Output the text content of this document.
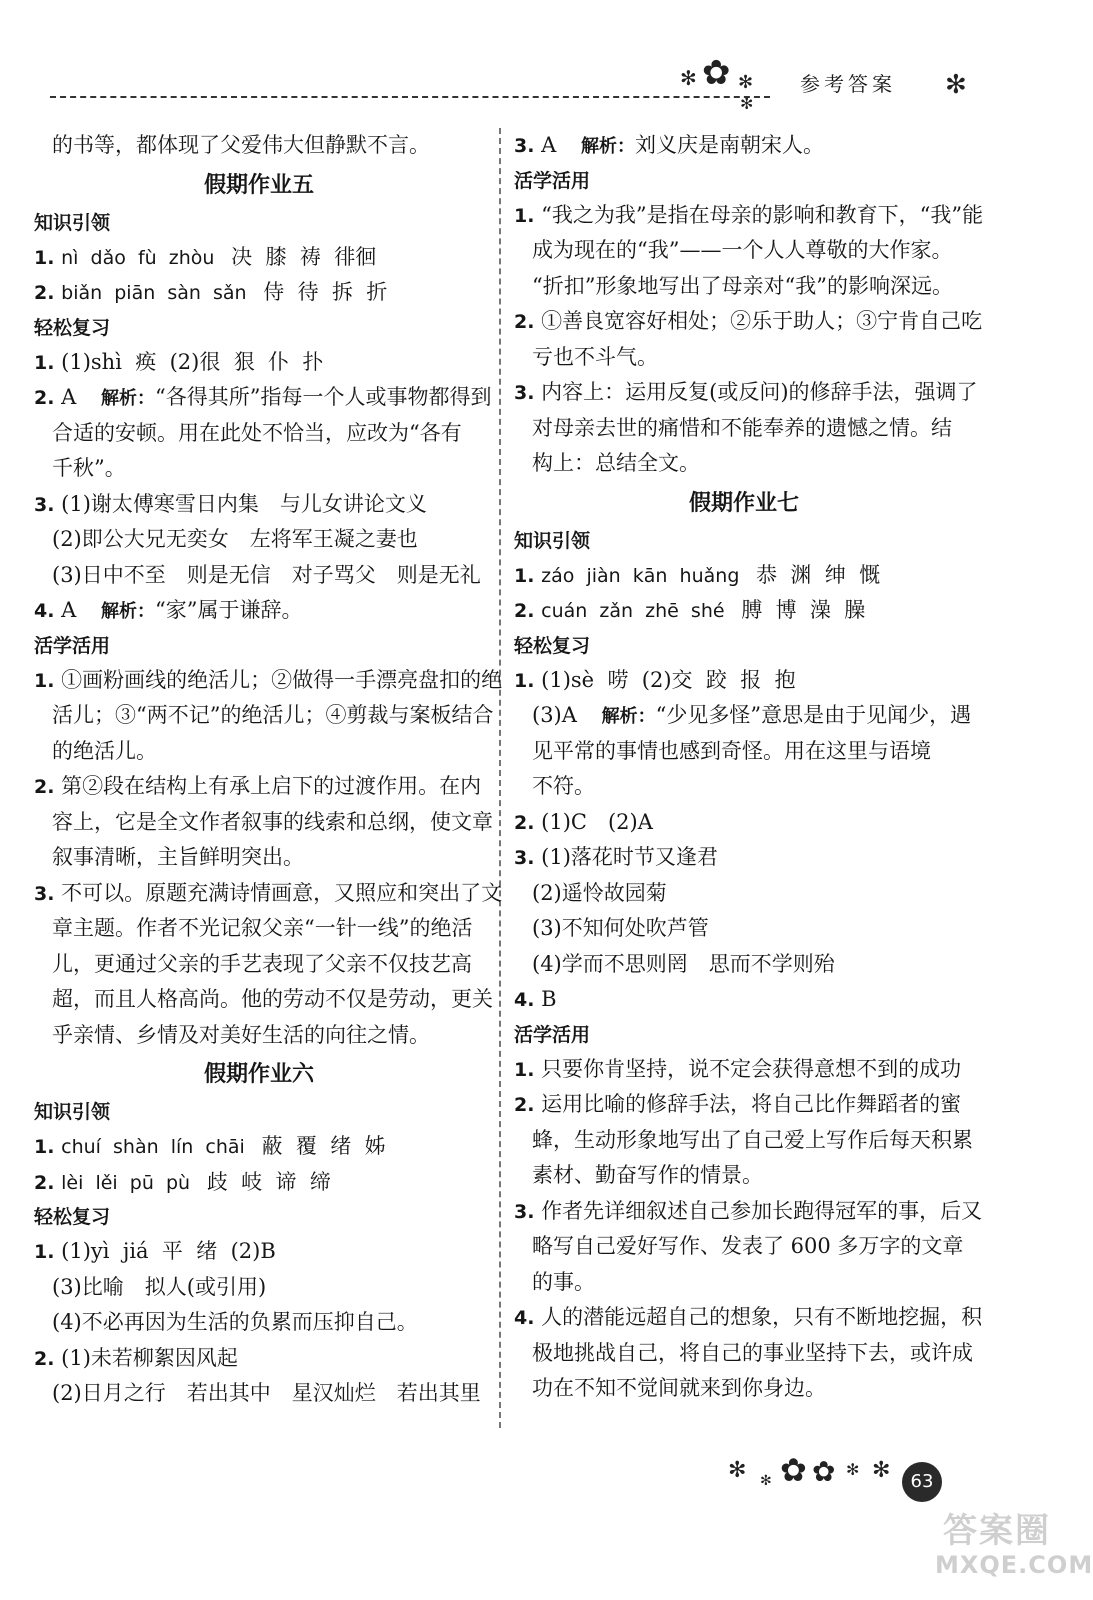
✻ ✿ ✻
✻
参考答案 ✻
的书等，都体现了父爱伟大但静默不言。
假期作业五
知识引领
1. nì  dǎo  fù  zhòu 决  膝  祷  徘徊
2. biǎn  piān  sàn  sǎn 侍  待  拆  折
轻松复习
1. (1)shì  痪  (2)很  狠  仆  扑
2. A 解析：“各得其所”指每一个人或事物都得到
合适的安顿。用在此处不恰当，应改为“各有
千秋”。
3. (1)谢太傅寒雪日内集　与儿女讲论文义
(2)即公大兄无奕女　左将军王凝之妻也
(3)日中不至　则是无信　对子骂父　则是无礼
4. A 解析：“家”属于谦辞。
活学活用
1. ①画粉画线的绝活儿；②做得一手漂亮盘扣的绝
活儿；③“两不记”的绝活儿；④剪裁与案板结合
的绝活儿。
2. 第②段在结构上有承上启下的过渡作用。在内
容上，它是全文作者叙事的线索和总纲，使文章
叙事清晰，主旨鲜明突出。
3. 不可以。原题充满诗情画意，又照应和突出了文
章主题。作者不光记叙父亲“一针一线”的绝活
儿，更通过父亲的手艺表现了父亲不仅技艺高
超，而且人格高尚。他的劳动不仅是劳动，更关
乎亲情、乡情及对美好生活的向往之情。
假期作业六
知识引领
1. chuí  shàn  lín  chāi 蔽  覆  绪  姊
2. lèi  lěi  pū  pù 歧  岐  谛  缔
轻松复习
1. (1)yì  jiá  平  绪  (2)B
(3)比喻　拟人(或引用)
(4)不必再因为生活的负累而压抑自己。
2. (1)未若柳絮因风起
(2)日月之行　若出其中　星汉灿烂　若出其里
3. A 解析：刘义庆是南朝宋人。
活学活用
1. “我之为我”是指在母亲的影响和教育下，“我”能
成为现在的“我”——一个人人尊敬的大作家。
“折扣”形象地写出了母亲对“我”的影响深远。
2. ①善良宽容好相处；②乐于助人；③宁肯自己吃
亏也不斗气。
3. 内容上：运用反复(或反问)的修辞手法，强调了
对母亲去世的痛惜和不能奉养的遗憾之情。结
构上：总结全文。
假期作业七
知识引领
1. záo  jiàn  kān  huǎng 恭  渊  绅  慨
2. cuán  zǎn  zhē  shé 膊  博  澡  臊
轻松复习
1. (1)sè  唠  (2)交  跤  报  抱
(3)A 解析：“少见多怪”意思是由于见闻少，遇
见平常的事情也感到奇怪。用在这里与语境
不符。
2. (1)C　(2)A
3. (1)落花时节又逢君
(2)遥怜故园菊
(3)不知何处吹芦管
(4)学而不思则罔　思而不学则殆
4. B
活学活用
1. 只要你肯坚持，说不定会获得意想不到的成功
2. 运用比喻的修辞手法，将自己比作舞蹈者的蜜
蜂，生动形象地写出了自己爱上写作后每天积累
素材、勤奋写作的情景。
3. 作者先详细叙述自己参加长跑得冠军的事，后又
略写自己爱好写作、发表了 600 多万字的文章
的事。
4. 人的潜能远超自己的想象，只有不断地挖掘，积
极地挑战自己，将自己的事业坚持下去，或许成
功在不知不觉间就来到你身边。
✻ ✻ ✿ ✿ ✻ ✻	63
答案圈
MXQE.COM
